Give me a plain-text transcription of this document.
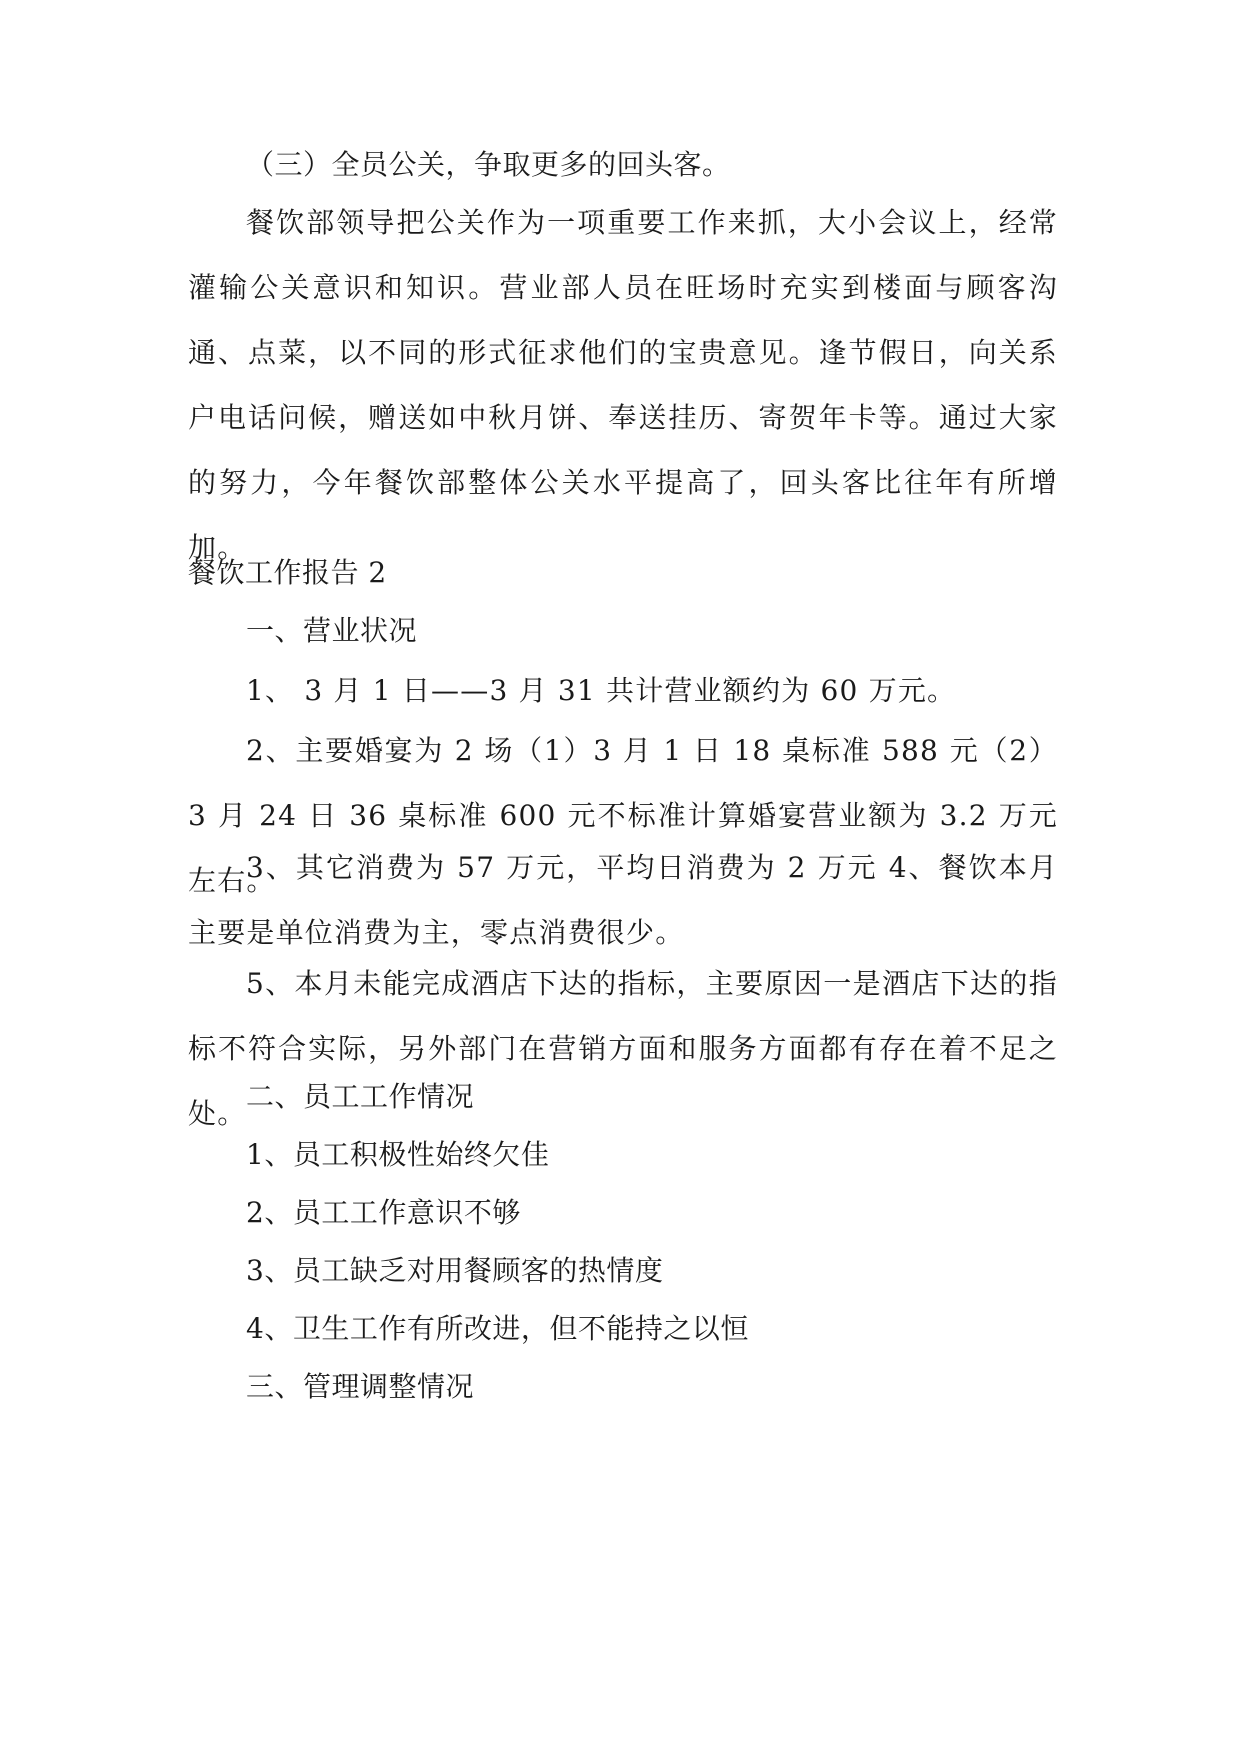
（三）全员公关，争取更多的回头客。

餐饮部领导把公关作为一项重要工作来抓，大小会议上，经常灌输公关意识和知识。营业部人员在旺场时充实到楼面与顾客沟通、点菜，以不同的形式征求他们的宝贵意见。逢节假日，向关系户电话问候，赠送如中秋月饼、奉送挂历、寄贺年卡等。通过大家的努力，今年餐饮部整体公关水平提高了，回头客比往年有所增加。

餐饮工作报告 2
一、营业状况

1、 3 月 1 日——3 月 31 共计营业额约为 60 万元。

2、主要婚宴为 2 场（1）3 月 1 日 18 桌标准 588 元（2）3 月 24 日 36 桌标准 600 元不标准计算婚宴营业额为 3.2 万元左右。

3、其它消费为 57 万元，平均日消费为 2 万元 4、餐饮本月主要是单位消费为主，零点消费很少。

5、本月未能完成酒店下达的指标，主要原因一是酒店下达的指标不符合实际，另外部门在营销方面和服务方面都有存在着不足之处。

二、员工工作情况
1、员工积极性始终欠佳
2、员工工作意识不够
3、员工缺乏对用餐顾客的热情度
4、卫生工作有所改进，但不能持之以恒
三、管理调整情况
